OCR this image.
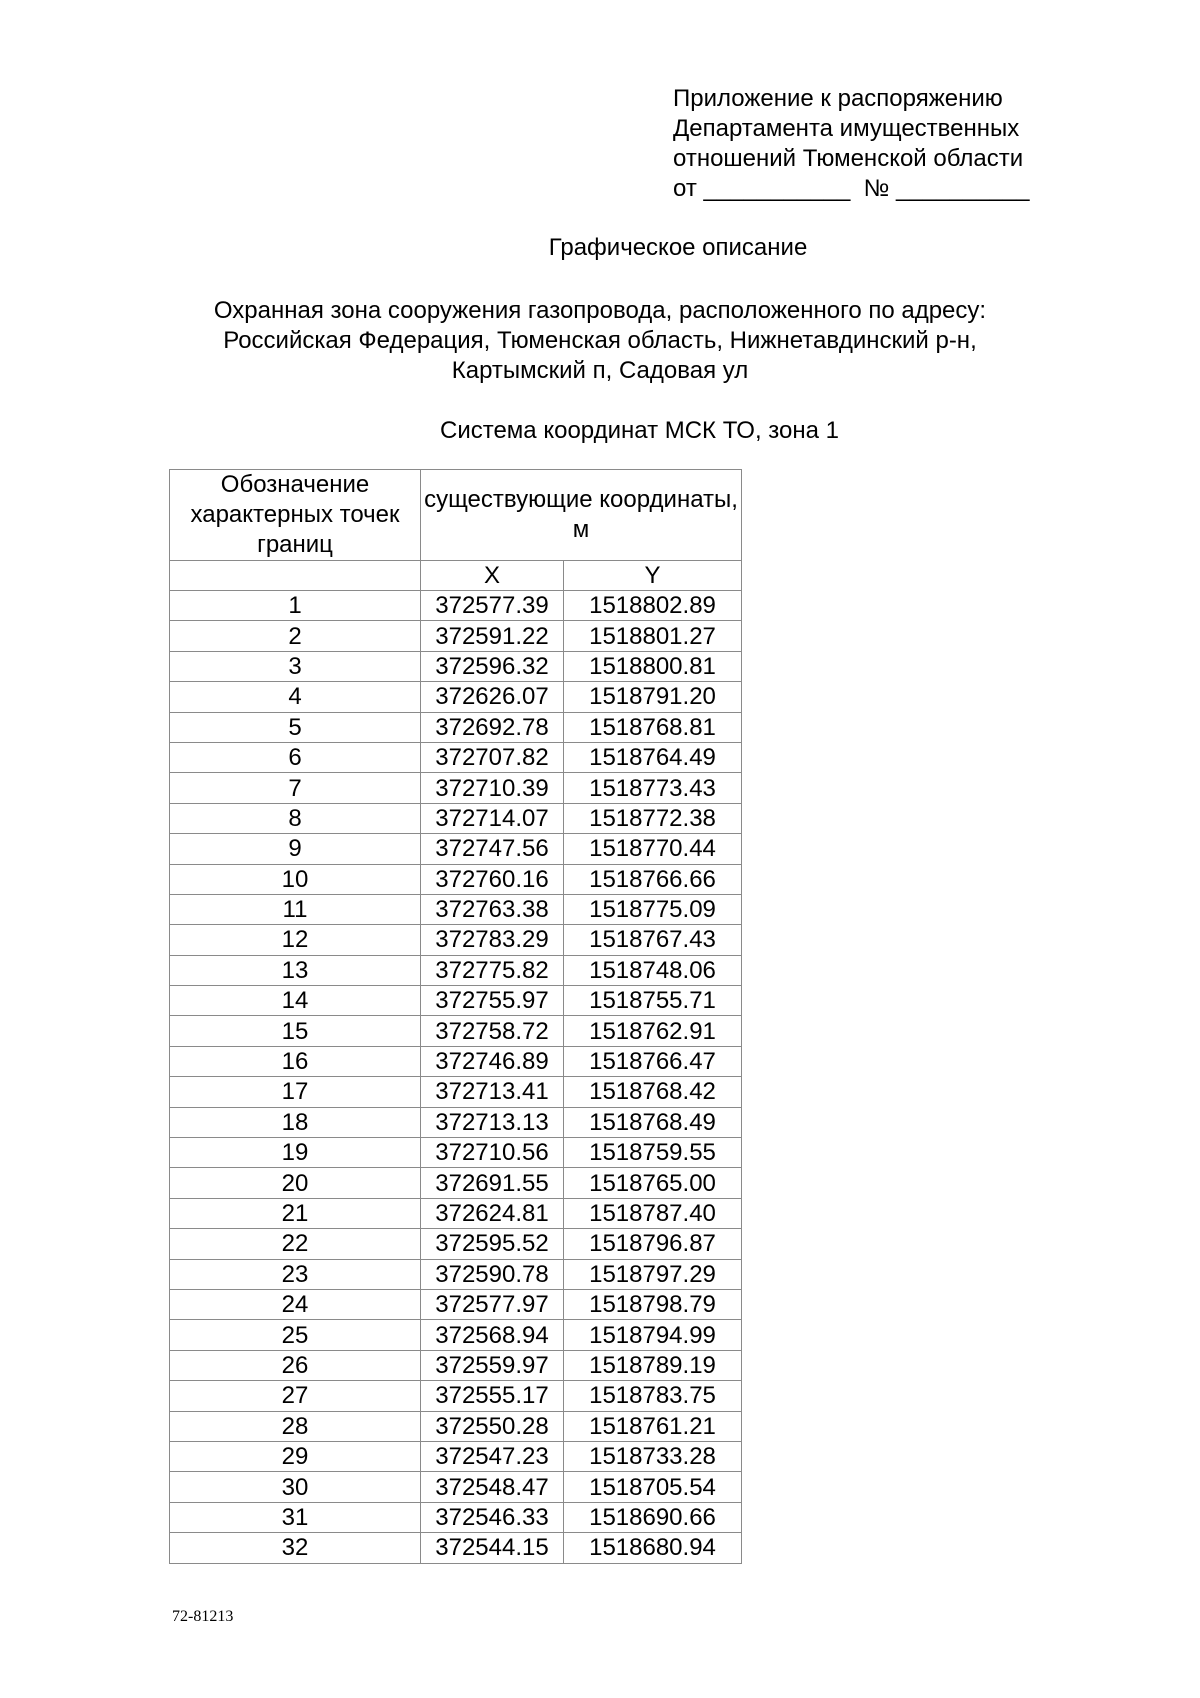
Приложение к распоряжению
Департамента имущественных
отношений Тюменской области
от ___________  № __________
Графическое описание
Охранная зона сооружения газопровода, расположенного по адресу: Российская Федерация, Тюменская область, Нижнетавдинский р-н, Картымский п, Садовая ул
Система координат МСК ТО, зона 1
Обозначение характерных точек границ	существующие координаты, м	
	X	Y
1	372577.39	1518802.89
2	372591.22	1518801.27
3	372596.32	1518800.81
4	372626.07	1518791.20
5	372692.78	1518768.81
6	372707.82	1518764.49
7	372710.39	1518773.43
8	372714.07	1518772.38
9	372747.56	1518770.44
10	372760.16	1518766.66
11	372763.38	1518775.09
12	372783.29	1518767.43
13	372775.82	1518748.06
14	372755.97	1518755.71
15	372758.72	1518762.91
16	372746.89	1518766.47
17	372713.41	1518768.42
18	372713.13	1518768.49
19	372710.56	1518759.55
20	372691.55	1518765.00
21	372624.81	1518787.40
22	372595.52	1518796.87
23	372590.78	1518797.29
24	372577.97	1518798.79
25	372568.94	1518794.99
26	372559.97	1518789.19
27	372555.17	1518783.75
28	372550.28	1518761.21
29	372547.23	1518733.28
30	372548.47	1518705.54
31	372546.33	1518690.66
32	372544.15	1518680.94
72-81213
